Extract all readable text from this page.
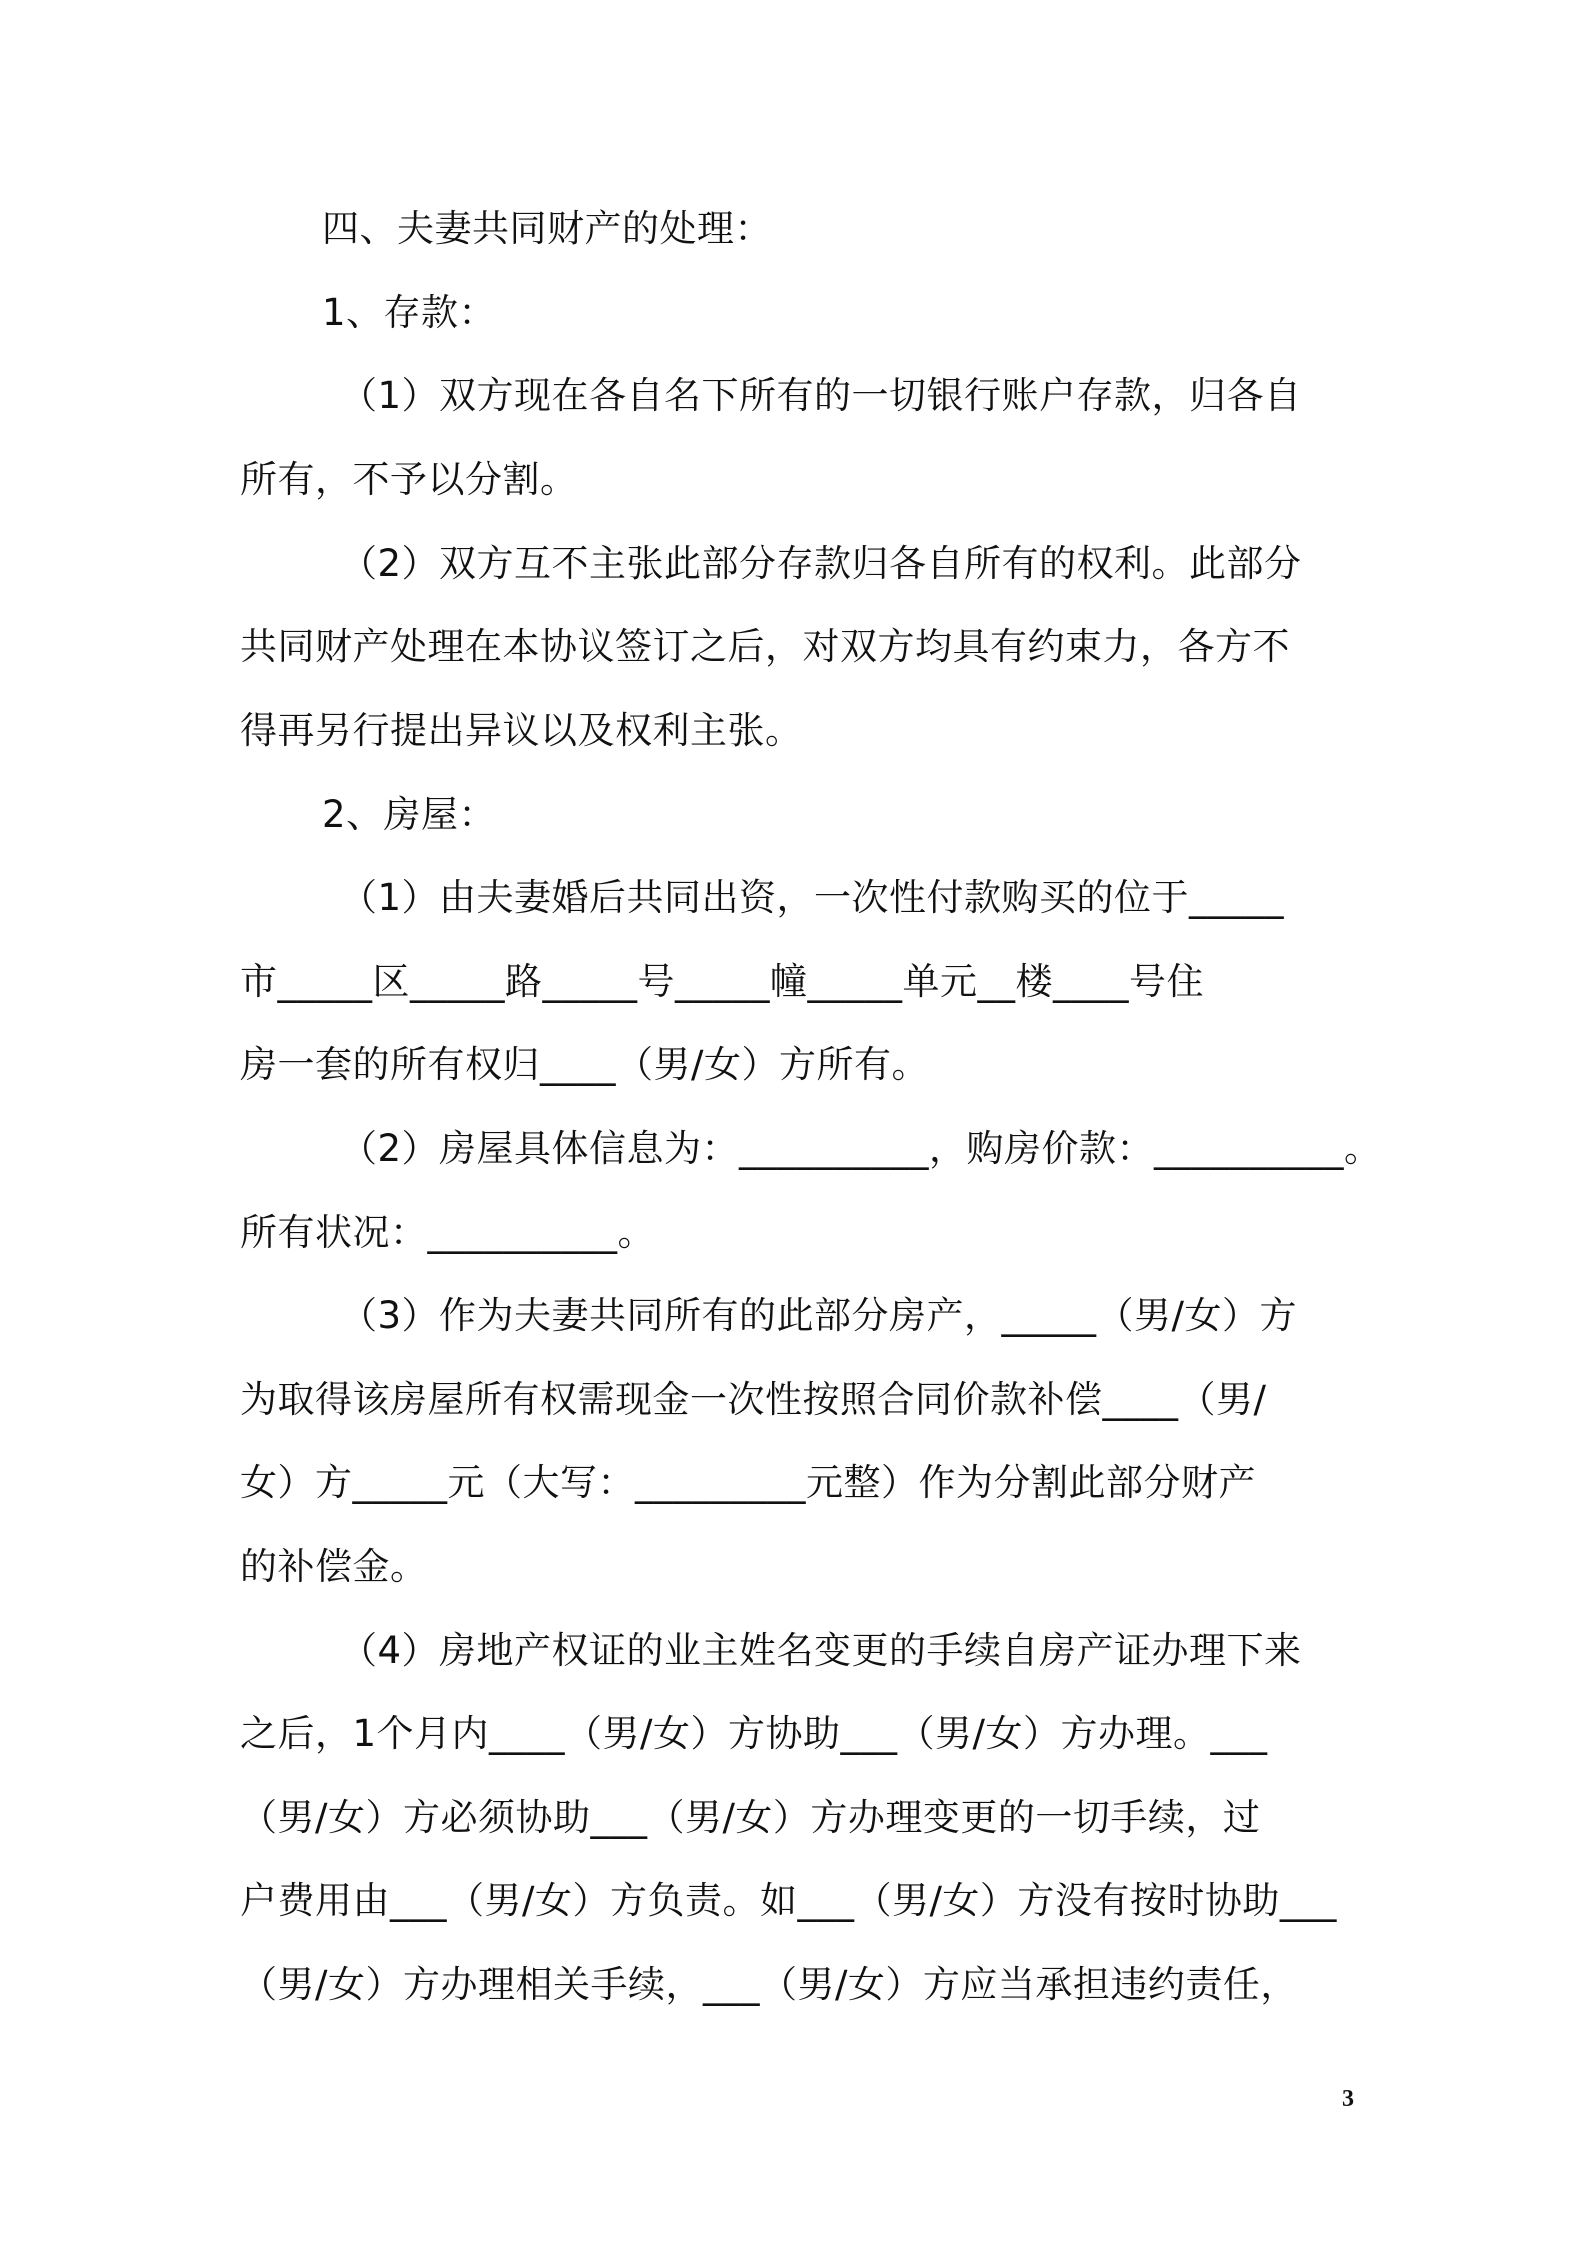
四、夫妻共同财产的处理：

1、存款：

（1）双方现在各自名下所有的一切银行账户存款，归各自

所有，不予以分割。

（2）双方互不主张此部分存款归各自所有的权利。此部分

共同财产处理在本协议签订之后，对双方均具有约束力，各方不

得再另行提出异议以及权利主张。

2、房屋：

（1）由夫妻婚后共同出资，一次性付款购买的位于_____

市_____区_____路_____号_____幢_____单元__楼____号住

房一套的所有权归____（男/女）方所有。

（2）房屋具体信息为：__________，购房价款：__________。

所有状况：__________。

（3）作为夫妻共同所有的此部分房产，_____（男/女）方

为取得该房屋所有权需现金一次性按照合同价款补偿____（男/

女）方_____元（大写：_________元整）作为分割此部分财产

的补偿金。

（4）房地产权证的业主姓名变更的手续自房产证办理下来

之后，1个月内____（男/女）方协助___（男/女）方办理。___

（男/女）方必须协助___（男/女）方办理变更的一切手续，过

户费用由___（男/女）方负责。如___（男/女）方没有按时协助___

（男/女）方办理相关手续，___（男/女）方应当承担违约责任，

3
